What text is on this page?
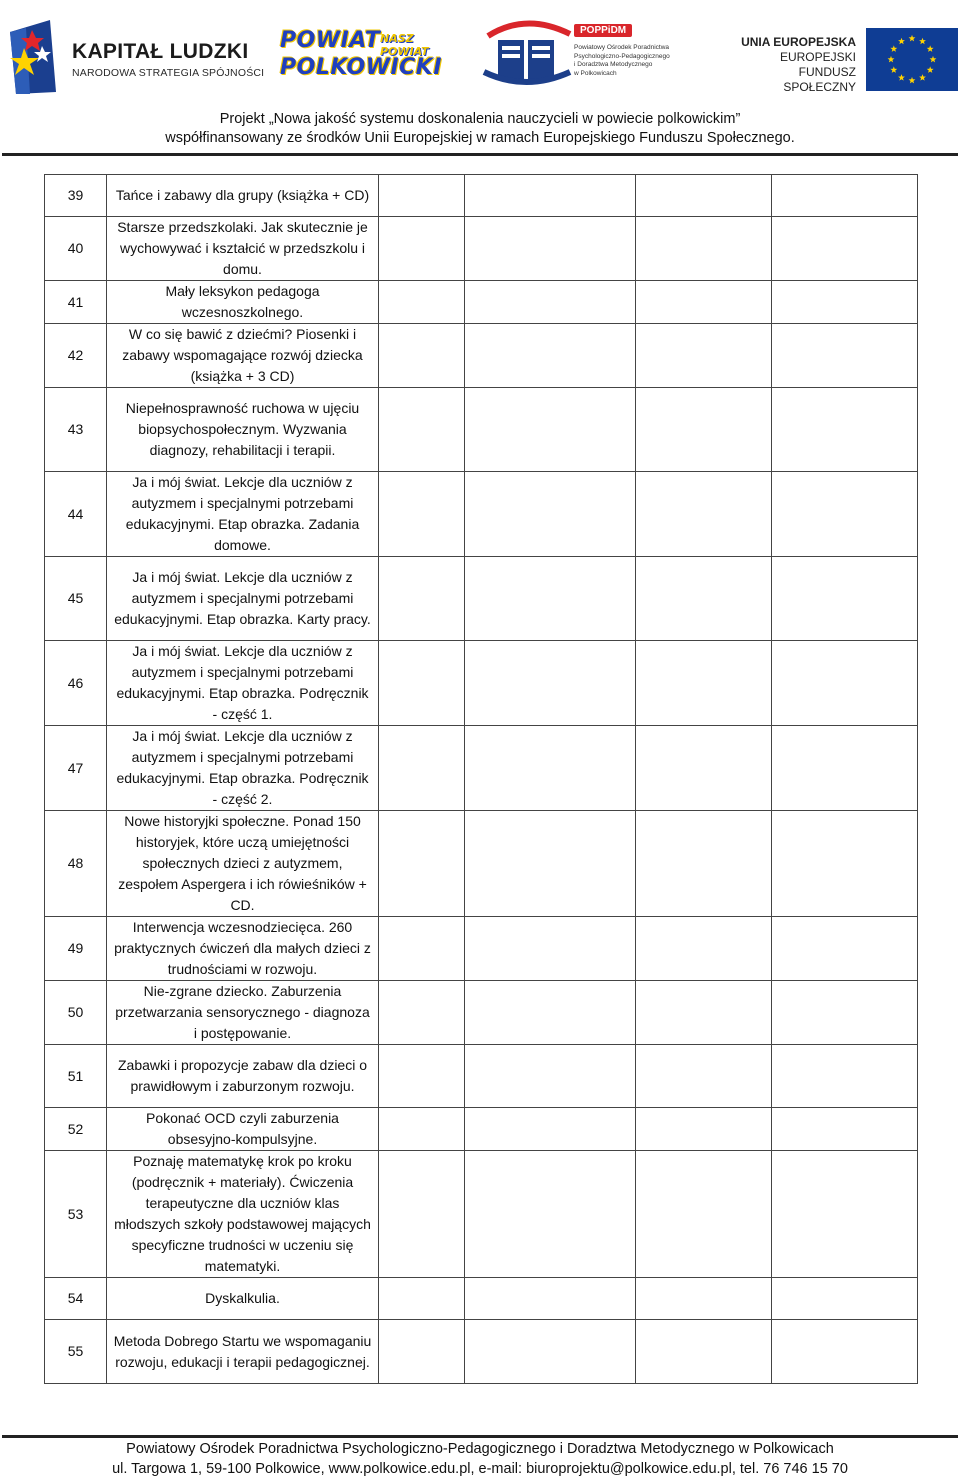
KAPITAŁ LUDZKI
NARODOWA STRATEGIA SPÓJNOŚCI
POWIAT NASZ
POWIAT
POLKOWICKI
POPPiDM
Powiatowy Ośrodek Poradnictwa
Psychologiczno-Pedagogicznego
i Doradztwa Metodycznego
w Polkowicach
UNIA EUROPEJSKA
EUROPEJSKI
FUNDUSZ SPOŁECZNY
Projekt „Nowa jakość systemu doskonalenia nauczycieli w powiecie polkowickim”
współfinansowany ze środków Unii Europejskiej w ramach Europejskiego Funduszu Społecznego.
39	Tańce i zabawy dla grupy (książka + CD)				

40	Starsze przedszkolaki. Jak skutecznie je wychowywać i kształcić w przedszkolu i domu.				

41	Mały leksykon pedagoga wczesnoszkolnego.				

42	W co się bawić z dziećmi? Piosenki i zabawy wspomagające rozwój dziecka (książka + 3 CD)				

43	Niepełnosprawność ruchowa w ujęciu biopsychospołecznym. Wyzwania diagnozy, rehabilitacji i terapii.				

44	Ja i mój świat. Lekcje dla uczniów z autyzmem i specjalnymi potrzebami edukacyjnymi. Etap obrazka. Zadania domowe.				

45	Ja i mój świat. Lekcje dla uczniów z autyzmem i specjalnymi potrzebami edukacyjnymi. Etap obrazka. Karty pracy.				

46	Ja i mój świat. Lekcje dla uczniów z autyzmem i specjalnymi potrzebami edukacyjnymi. Etap obrazka. Podręcznik - część 1.				

47	Ja i mój świat. Lekcje dla uczniów z autyzmem i specjalnymi potrzebami edukacyjnymi. Etap obrazka. Podręcznik - część 2.				

48	Nowe historyjki społeczne. Ponad 150 historyjek, które uczą umiejętności społecznych dzieci z autyzmem, zespołem Aspergera i ich rówieśników + CD.				

49	Interwencja wczesnodziecięca. 260 praktycznych ćwiczeń dla małych dzieci z trudnościami w rozwoju.				

50	Nie-zgrane dziecko. Zaburzenia przetwarzania sensorycznego - diagnoza i postępowanie.				

51	Zabawki i propozycje zabaw dla dzieci o prawidłowym i zaburzonym rozwoju.				

52	Pokonać OCD czyli zaburzenia obsesyjno-kompulsyjne.				

53	Poznaję matematykę krok po kroku (podręcznik + materiały). Ćwiczenia terapeutyczne dla uczniów klas młodszych szkoły podstawowej mających specyficzne trudności w uczeniu się matematyki.				

54	Dyskalkulia.				

55	Metoda Dobrego Startu we wspomaganiu rozwoju, edukacji i terapii pedagogicznej.				

Powiatowy Ośrodek Poradnictwa Psychologiczno-Pedagogicznego i Doradztwa Metodycznego w Polkowicach
ul. Targowa 1, 59-100 Polkowice, www.polkowice.edu.pl, e-mail: biuroprojektu@polkowice.edu.pl, tel. 76 746 15 70
